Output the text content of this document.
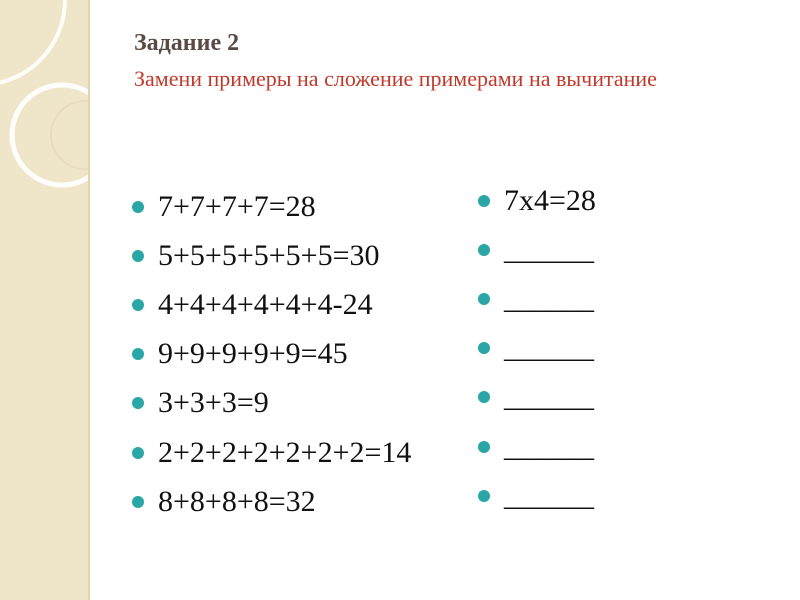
Задание 2

Замени примеры на сложение примерами на вычитание

7+7+7+7=28
5+5+5+5+5+5=30
4+4+4+4+4+4-24
9+9+9+9+9=45
3+3+3=9
2+2+2+2+2+2+2=14
8+8+8+8=32
7х4=28
______
______
______
______
______
______
